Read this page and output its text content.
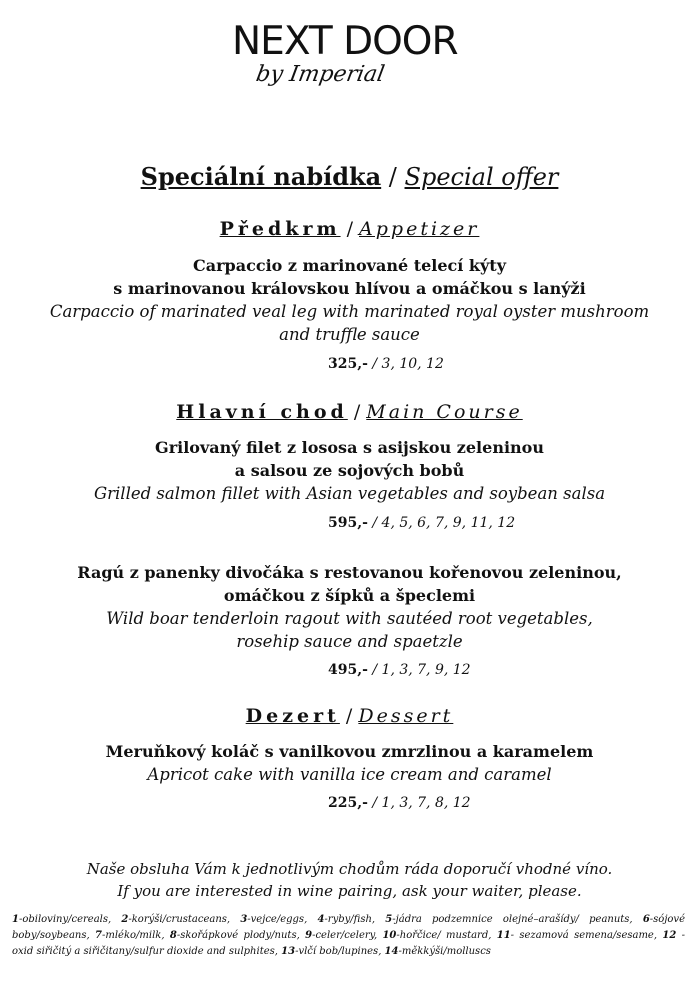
NEXT DOOR
by Imperial
Speciální nabídka / Special offer
Předkrm / Appetizer
Carpaccio z marinované telecí kýty
s marinovanou královskou hlívou a omáčkou s lanýži
Carpaccio of marinated veal leg with marinated royal oyster mushroom
and truffle sauce
325,- / 3, 10, 12
Hlavní chod / Main Course
Grilovaný filet z lososa s asijskou zeleninou
a salsou ze sojových bobů
Grilled salmon fillet with Asian vegetables and soybean salsa
595,- / 4, 5, 6, 7, 9, 11, 12
Ragú z panenky divočáka s restovanou kořenovou zeleninou,
omáčkou z šípků a špeclemi
Wild boar tenderloin ragout with sautéed root vegetables,
rosehip sauce and spaetzle
495,- / 1, 3, 7, 9, 12
Dezert / Dessert
Meruňkový koláč s vanilkovou zmrzlinou a karamelem
Apricot cake with vanilla ice cream and caramel
225,- / 1, 3, 7, 8, 12
Naše obsluha Vám k jednotlivým chodům ráda doporučí vhodné víno.
If you are interested in wine pairing, ask your waiter, please.
1-obiloviny/cereals, 2-korýši/crustaceans, 3-vejce/eggs, 4-ryby/fish, 5-jádra podzemnice olejné–arašídy/ peanuts, 6-sójové boby/soybeans, 7-mléko/milk, 8-skořápkové plody/nuts, 9-celer/celery, 10-hořčice/ mustard, 11- sezamová semena/sesame, 12 - oxid siřičitý a siřičitany/sulfur dioxide and sulphites, 13-vlčí bob/lupines, 14-měkkýši/molluscs
